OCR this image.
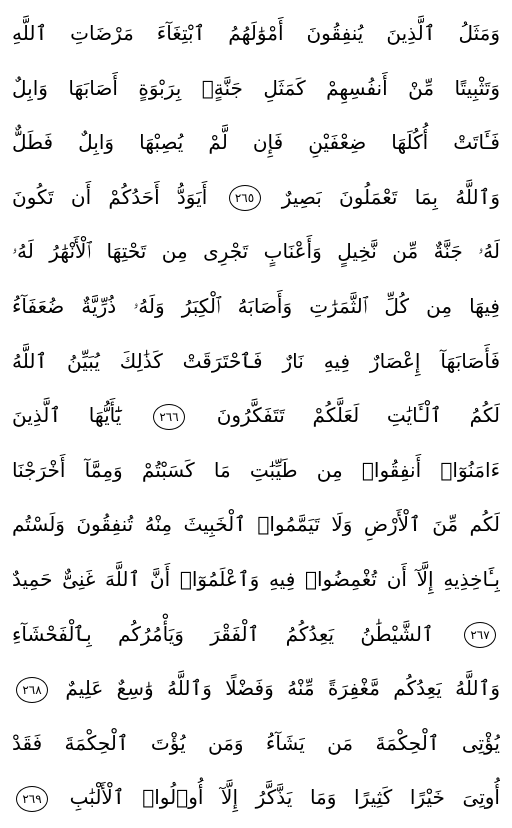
وَمَثَلُ ٱلَّذِينَ يُنفِقُونَ أَمْوَٰلَهُمُ ٱبْتِغَآءَ مَرْضَاتِ ٱللَّهِ
وَتَثْبِيتًا مِّنْ أَنفُسِهِمْ كَمَثَلِ جَنَّةٍۭ بِرَبْوَةٍ أَصَابَهَا وَابِلٌ
فَـَٔاتَتْ أُكُلَهَا ضِعْفَيْنِ فَإِن لَّمْ يُصِبْهَا وَابِلٌ فَطَلٌّ
وَٱللَّهُ بِمَا تَعْمَلُونَ بَصِيرٌ ٢٦٥ أَيَوَدُّ أَحَدُكُمْ أَن تَكُونَ
لَهُۥ جَنَّةٌ مِّن نَّخِيلٍ وَأَعْنَابٍ تَجْرِى مِن تَحْتِهَا ٱلْأَنْهَٰرُ لَهُۥ
فِيهَا مِن كُلِّ ٱلثَّمَرَٰتِ وَأَصَابَهُ ٱلْكِبَرُ وَلَهُۥ ذُرِّيَّةٌ ضُعَفَآءُ
فَأَصَابَهَآ إِعْصَارٌ فِيهِ نَارٌ فَٱحْتَرَقَتْ كَذَٰلِكَ يُبَيِّنُ ٱللَّهُ
لَكُمُ ٱلْـَٔايَٰتِ لَعَلَّكُمْ تَتَفَكَّرُونَ ٢٦٦ يَٰٓأَيُّهَا ٱلَّذِينَ
ءَامَنُوٓا۟ أَنفِقُوا۟ مِن طَيِّبَٰتِ مَا كَسَبْتُمْ وَمِمَّآ أَخْرَجْنَا
لَكُم مِّنَ ٱلْأَرْضِ وَلَا تَيَمَّمُوا۟ ٱلْخَبِيثَ مِنْهُ تُنفِقُونَ وَلَسْتُم
بِـَٔاخِذِيهِ إِلَّآ أَن تُغْمِضُوا۟ فِيهِ وَٱعْلَمُوٓا۟ أَنَّ ٱللَّهَ غَنِىٌّ حَمِيدٌ
٢٦٧ ٱلشَّيْطَٰنُ يَعِدُكُمُ ٱلْفَقْرَ وَيَأْمُرُكُم بِٱلْفَحْشَآءِ
وَٱللَّهُ يَعِدُكُم مَّغْفِرَةً مِّنْهُ وَفَضْلًا وَٱللَّهُ وَٰسِعٌ عَلِيمٌ ٢٦٨
يُؤْتِى ٱلْحِكْمَةَ مَن يَشَآءُ وَمَن يُؤْتَ ٱلْحِكْمَةَ فَقَدْ
أُوتِىَ خَيْرًا كَثِيرًا وَمَا يَذَّكَّرُ إِلَّآ أُو۟لُوا۟ ٱلْأَلْبَٰبِ ٢٦٩
